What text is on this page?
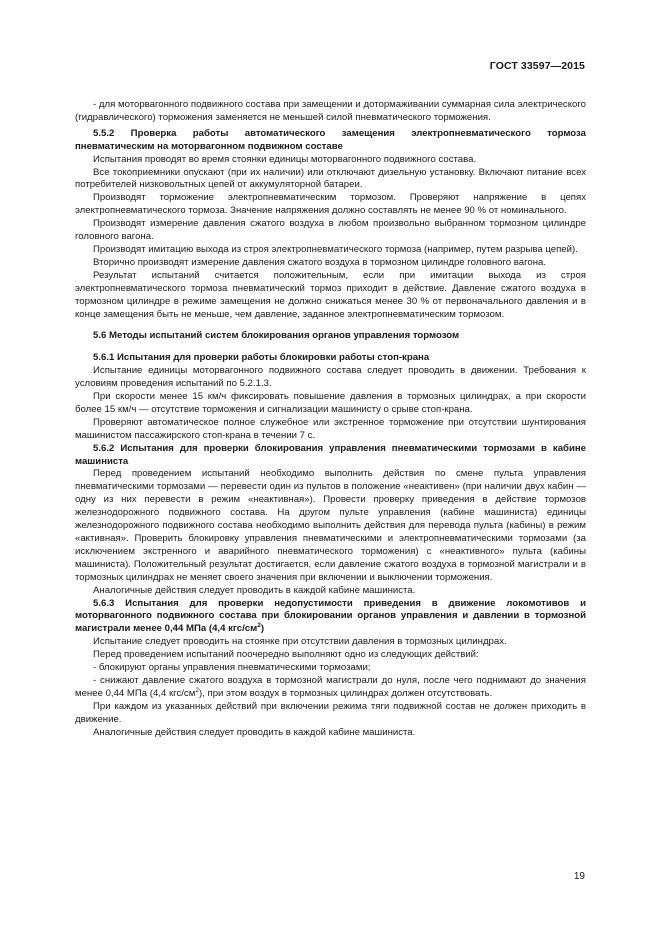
ГОСТ 33597—2015

- для моторвагонного подвижного состава при замещении и дотормаживании суммарная сила электрического (гидравлического) торможения заменяется не меньшей силой пневматического торможения.

5.5.2 Проверка работы автоматического замещения электропневматического тормоза пневматическим на моторвагонном подвижном составе

Испытания проводят во время стоянки единицы моторвагонного подвижного состава.

Все токоприемники опускают (при их наличии) или отключают дизельную установку. Включают питание всех потребителей низковольтных цепей от аккумуляторной батареи.

Производят торможение электропневматическим тормозом. Проверяют напряжение в цепях электропневматического тормоза. Значение напряжения должно составлять не менее 90 % от номинального.

Производят измерение давления сжатого воздуха в любом произвольно выбранном тормозном цилиндре головного вагона.

Производят имитацию выхода из строя электропневматического тормоза (например, путем разрыва цепей).

Вторично производят измерение давления сжатого воздуха в тормозном цилиндре головного вагона.

Результат испытаний считается положительным, если при имитации выхода из строя электропневматического тормоза пневматический тормоз приходит в действие. Давление сжатого воздуха в тормозном цилиндре в режиме замещения не должно снижаться менее 30 % от первоначального давления и в конце замещения быть не меньше, чем давление, заданное электропневматическим тормозом.

5.6 Методы испытаний систем блокирования органов управления тормозом

5.6.1 Испытания для проверки работы блокировки работы стоп-крана

Испытание единицы моторвагонного подвижного состава следует проводить в движении. Требования к условиям проведения испытаний по 5.2.1.3.

При скорости менее 15 км/ч фиксировать повышение давления в тормозных цилиндрах, а при скорости более 15 км/ч — отсутствие торможения и сигнализации машинисту о срыве стоп-крана.

Проверяют автоматическое полное служебное или экстренное торможение при отсутствии шунтирования машинистом пассажирского стоп-крана в течении 7 с.

5.6.2 Испытания для проверки блокирования управления пневматическими тормозами в кабине машиниста

Перед проведением испытаний необходимо выполнить действия по смене пульта управления пневматическими тормозами — перевести один из пультов в положение «неактивен» (при наличии двух кабин — одну из них перевести в режим «неактивная»). Провести проверку приведения в действие тормозов железнодорожного подвижного состава. На другом пульте управления (кабине машиниста) единицы железнодорожного подвижного состава необходимо выполнить действия для перевода пульта (кабины) в режим «активная». Проверить блокировку управления пневматическими и электропневматическими тормозами (за исключением экстренного и аварийного пневматического торможения) с «неактивного» пульта (кабины машиниста). Положительный результат достигается, если давление сжатого воздуха в тормозной магистрали и в тормозных цилиндрах не меняет своего значения при включении и выключении торможения.

Аналогичные действия следует проводить в каждой кабине машиниста.

5.6.3 Испытания для проверки недопустимости приведения в движение локомотивов и моторвагонного подвижного состава при блокировании органов управления и давлении в тормозной магистрали менее 0,44 МПа (4,4 кгс/$см^2$)

Испытание следует проводить на стоянке при отсутствии давления в тормозных цилиндрах.

Перед проведением испытаний поочередно выполняют одно из следующих действий:

- блокируют органы управления пневматическими тормозами;

- снижают давление сжатого воздуха в тормозной магистрали до нуля, после чего поднимают до значения менее 0,44 МПа (4,4 кгс/$см^2$), при этом воздух в тормозных цилиндрах должен отсутствовать.

При каждом из указанных действий при включении режима тяги подвижной состав не должен приходить в движение.

Аналогичные действия следует проводить в каждой кабине машиниста.

19
